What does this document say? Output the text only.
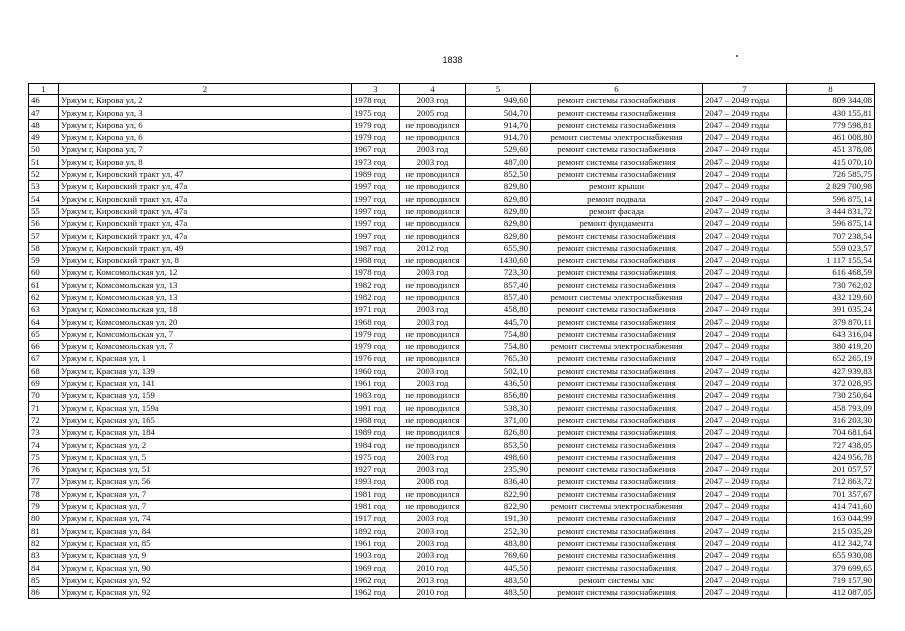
1838
1	2	3	4	5	6	7	8
46	Уржум г, Кирова ул, 2	1978 год	2003 год	949,60	ремонт системы газоснабжения	2047 – 2049 годы	809 344,08
47	Уржум г, Кирова ул, 3	1975 год	2005 год	504,70	ремонт системы газоснабжения	2047 – 2049 годы	430 155,81
48	Уржум г, Кирова ул, 6	1979 год	не проводился	914,70	ремонт системы газоснабжения	2047 – 2049 годы	779 598,81
49	Уржум г, Кирова ул, 6	1979 год	не проводился	914,70	ремонт системы электроснабжения	2047 – 2049 годы	461 008,80
50	Уржум г, Кирова ул, 7	1967 год	2003 год	529,60	ремонт системы газоснабжения	2047 – 2049 годы	451 378,08
51	Уржум г, Кирова ул, 8	1973 год	2003 год	487,00	ремонт системы газоснабжения	2047 – 2049 годы	415 070,10
52	Уржум г, Кировский тракт ул, 47	1989 год	не проводился	852,50	ремонт системы газоснабжения	2047 – 2049 годы	726 585,75
53	Уржум г, Кировский тракт ул, 47а	1997 год	не проводился	829,80	ремонт крыши	2047 – 2049 годы	2 829 700,98
54	Уржум г, Кировский тракт ул, 47а	1997 год	не проводился	829,80	ремонт подвала	2047 – 2049 годы	596 875,14
55	Уржум г, Кировский тракт ул, 47а	1997 год	не проводился	829,80	ремонт фасада	2047 – 2049 годы	3 444 831,72
56	Уржум г, Кировский тракт ул, 47а	1997 год	не проводился	829,80	ремонт фундамента	2047 – 2049 годы	596 875,14
57	Уржум г, Кировский тракт ул, 47а	1997 год	не проводился	829,80	ремонт системы газоснабжения	2047 – 2049 годы	707 238,54
58	Уржум г, Кировский тракт ул, 49	1987 год	2012 год	655,90	ремонт системы газоснабжения	2047 – 2049 годы	559 023,57
59	Уржум г, Кировский тракт ул, 8	1988 год	не проводился	1430,60	ремонт системы газоснабжения	2047 – 2049 годы	1 117 155,54
60	Уржум г, Комсомольская ул, 12	1978 год	2003 год	723,30	ремонт системы газоснабжения	2047 – 2049 годы	616 468,59
61	Уржум г, Комсомольская ул, 13	1982 год	не проводился	857,40	ремонт системы газоснабжения	2047 – 2049 годы	730 762,02
62	Уржум г, Комсомольская ул, 13	1982 год	не проводился	857,40	ремонт системы электроснабжения	2047 – 2049 годы	432 129,60
63	Уржум г, Комсомольская ул, 18	1971 год	2003 год	458,80	ремонт системы газоснабжения	2047 – 2049 годы	391 035,24
64	Уржум г, Комсомольская ул, 20	1968 год	2003 год	445,70	ремонт системы газоснабжения	2047 – 2049 годы	379 870,11
65	Уржум г, Комсомольская ул, 7	1979 год	не проводился	754,80	ремонт системы газоснабжения	2047 – 2049 годы	643 316,04
66	Уржум г, Комсомольская ул, 7	1979 год	не проводился	754,80	ремонт системы электроснабжения	2047 – 2049 годы	380 419,20
67	Уржум г, Красная ул, 1	1976 год	не проводился	765,30	ремонт системы газоснабжения	2047 – 2049 годы	652 265,19
68	Уржум г, Красная ул, 139	1960 год	2003 год	502,10	ремонт системы газоснабжения	2047 – 2049 годы	427 939,83
69	Уржум г, Красная ул, 141	1961 год	2003 год	436,50	ремонт системы газоснабжения	2047 – 2049 годы	372 028,95
70	Уржум г, Красная ул, 159	1983 год	не проводился	856,80	ремонт системы газоснабжения	2047 – 2049 годы	730 250,64
71	Уржум г, Красная ул, 159а	1991 год	не проводился	538,30	ремонт системы газоснабжения	2047 – 2049 годы	458 793,09
72	Уржум г, Красная ул, 165	1988 год	не проводился	371,00	ремонт системы газоснабжения	2047 – 2049 годы	316 203,30
73	Уржум г, Красная ул, 184	1989 год	не проводился	826,80	ремонт системы газоснабжения	2047 – 2049 годы	704 681,64
74	Уржум г, Красная ул, 2	1984 год	не проводился	853,50	ремонт системы газоснабжения	2047 – 2049 годы	727 438,05
75	Уржум г, Красная ул, 5	1975 год	2003 год	498,60	ремонт системы газоснабжения	2047 – 2049 годы	424 956,78
76	Уржум г, Красная ул, 51	1927 год	2003 год	235,90	ремонт системы газоснабжения	2047 – 2049 годы	201 057,57
77	Уржум г, Красная ул, 56	1993 год	2008 год	836,40	ремонт системы газоснабжения	2047 – 2049 годы	712 863,72
78	Уржум г, Красная ул, 7	1981 год	не проводился	822,90	ремонт системы газоснабжения	2047 – 2049 годы	701 357,67
79	Уржум г, Красная ул, 7	1981 год	не проводился	822,90	ремонт системы электроснабжения	2047 – 2049 годы	414 741,60
80	Уржум г, Красная ул, 74	1917 год	2003 год	191,30	ремонт системы газоснабжения	2047 – 2049 годы	163 044,99
81	Уржум г, Красная ул, 84	1892 год	2003 год	252,30	ремонт системы газоснабжения	2047 – 2049 годы	215 035,29
82	Уржум г, Красная ул, 85	1961 год	2003 год	483,80	ремонт системы газоснабжения	2047 – 2049 годы	412 342,74
83	Уржум г, Красная ул, 9	1903 год	2003 год	769,60	ремонт системы газоснабжения	2047 – 2049 годы	655 930,08
84	Уржум г, Красная ул, 90	1969 год	2010 год	445,50	ремонт системы газоснабжения	2047 – 2049 годы	379 699,65
85	Уржум г, Красная ул, 92	1962 год	2013 год	483,50	ремонт системы хвс	2047 – 2049 годы	719 157,90
86	Уржум г, Красная ул, 92	1962 год	2010 год	483,50	ремонт системы газоснабжения	2047 – 2049 годы	412 087,05
